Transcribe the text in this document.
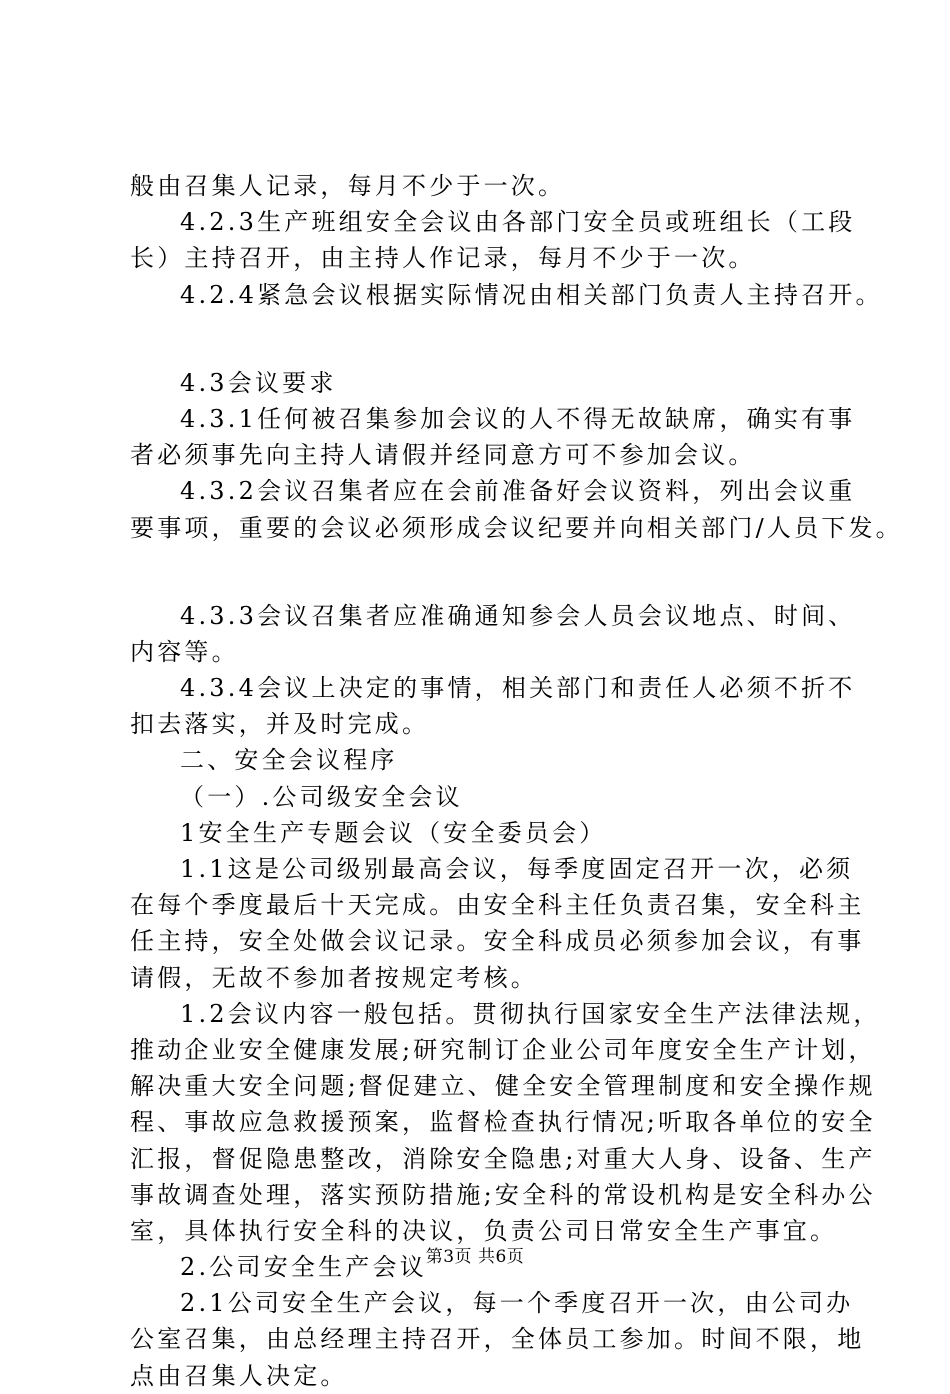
般由召集人记录，每月不少于一次。
4.2.3生产班组安全会议由各部门安全员或班组长（工段
长）主持召开，由主持人作记录，每月不少于一次。
4.2.4紧急会议根据实际情况由相关部门负责人主持召开。
4.3会议要求
4.3.1任何被召集参加会议的人不得无故缺席，确实有事
者必须事先向主持人请假并经同意方可不参加会议。
4.3.2会议召集者应在会前准备好会议资料，列出会议重
要事项，重要的会议必须形成会议纪要并向相关部门/人员下发。
4.3.3会议召集者应准确通知参会人员会议地点、时间、
内容等。
4.3.4会议上决定的事情，相关部门和责任人必须不折不
扣去落实，并及时完成。
二、安全会议程序
（一）.公司级安全会议
1安全生产专题会议（安全委员会）
1.1这是公司级别最高会议，每季度固定召开一次，必须
在每个季度最后十天完成。由安全科主任负责召集，安全科主
任主持，安全处做会议记录。安全科成员必须参加会议，有事
请假，无故不参加者按规定考核。
1.2会议内容一般包括。贯彻执行国家安全生产法律法规，
推动企业安全健康发展;研究制订企业公司年度安全生产计划，
解决重大安全问题;督促建立、健全安全管理制度和安全操作规
程、事故应急救援预案，监督检查执行情况;听取各单位的安全
汇报，督促隐患整改，消除安全隐患;对重大人身、设备、生产
事故调查处理，落实预防措施;安全科的常设机构是安全科办公
室，具体执行安全科的决议，负责公司日常安全生产事宜。
2.公司安全生产会议
2.1公司安全生产会议，每一个季度召开一次，由公司办
公室召集，由总经理主持召开，全体员工参加。时间不限，地
点由召集人决定。
第3页 共6页
